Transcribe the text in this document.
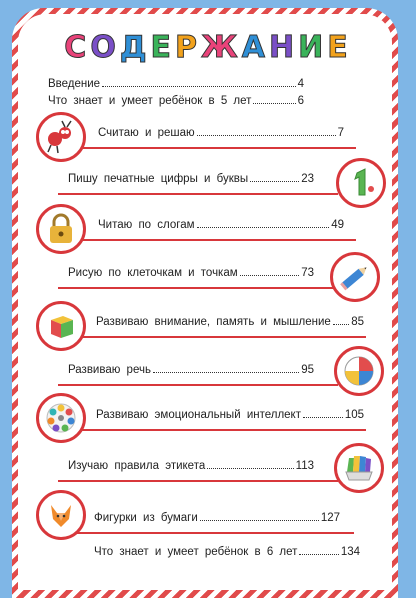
СОДЕРЖАНИЕ
Введение	4
Что знает и умеет ребёнок в 5 лет	6
Считаю и решаю	7
Пишу печатные цифры и буквы	23
Читаю по слогам	49
Рисую по клеточкам и точкам	73
Развиваю внимание, память и мышление 85
Развиваю речь	95
Развиваю эмоциональный интеллект	105
Изучаю правила этикета	113
Фигурки из бумаги	127
Что знает и умеет ребёнок в 6 лет	134
